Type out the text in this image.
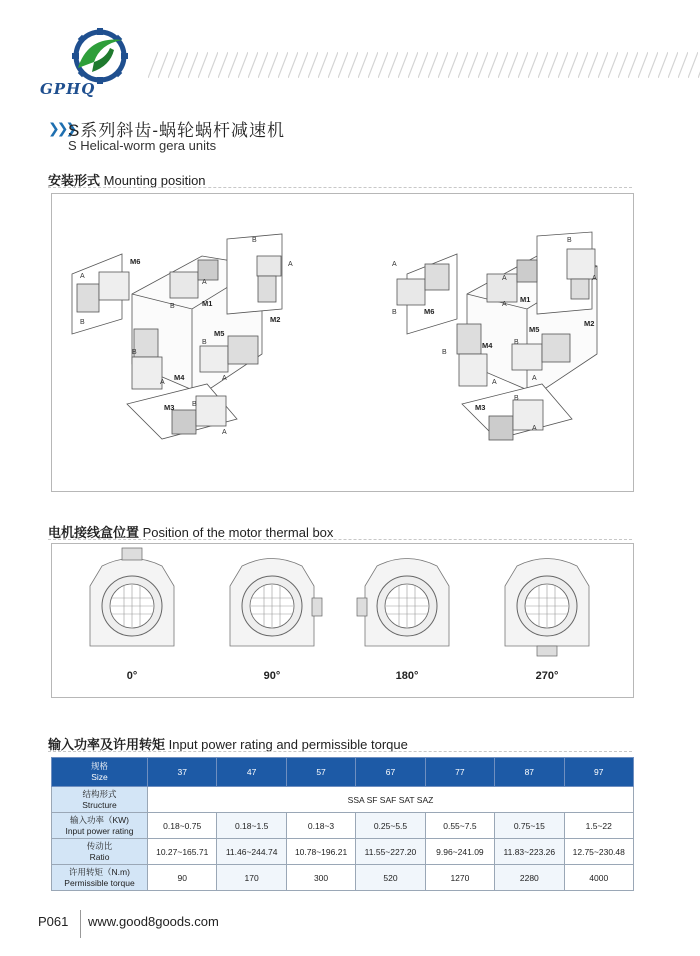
GPHQ
❯❯❯
S系列斜齿-蜗轮蜗杆减速机
S Helical-worm gera units
安装形式 Mounting position
M6
M1
M2
M4
M5
M3
M6
M1
M2
M4
M5
M3
A
B
B
A
A
B
B
A
B
A
A
B
A
B
B
A
A
A
B
A
B
A
A
B
电机接线盒位置 Position of the motor thermal box
0°	90°	180°	270°
输入功率及许用转矩 Input power rating and permissible torque
规格
Size	37	47	57	67	77	87	97
结构形式
Structure	SSA SF SAF SAT SAZ						
输入功率（KW)
Input power rating	0.18~0.75	0.18~1.5	0.18~3	0.25~5.5	0.55~7.5	0.75~15	1.5~22
传动比
Ratio	10.27~165.71	11.46~244.74	10.78~196.21	11.55~227.20	9.96~241.09	11.83~223.26	12.75~230.48
许用转矩（N.m)
Permissible torque	90	170	300	520	1270	2280	4000
P061 www.good8goods.com
